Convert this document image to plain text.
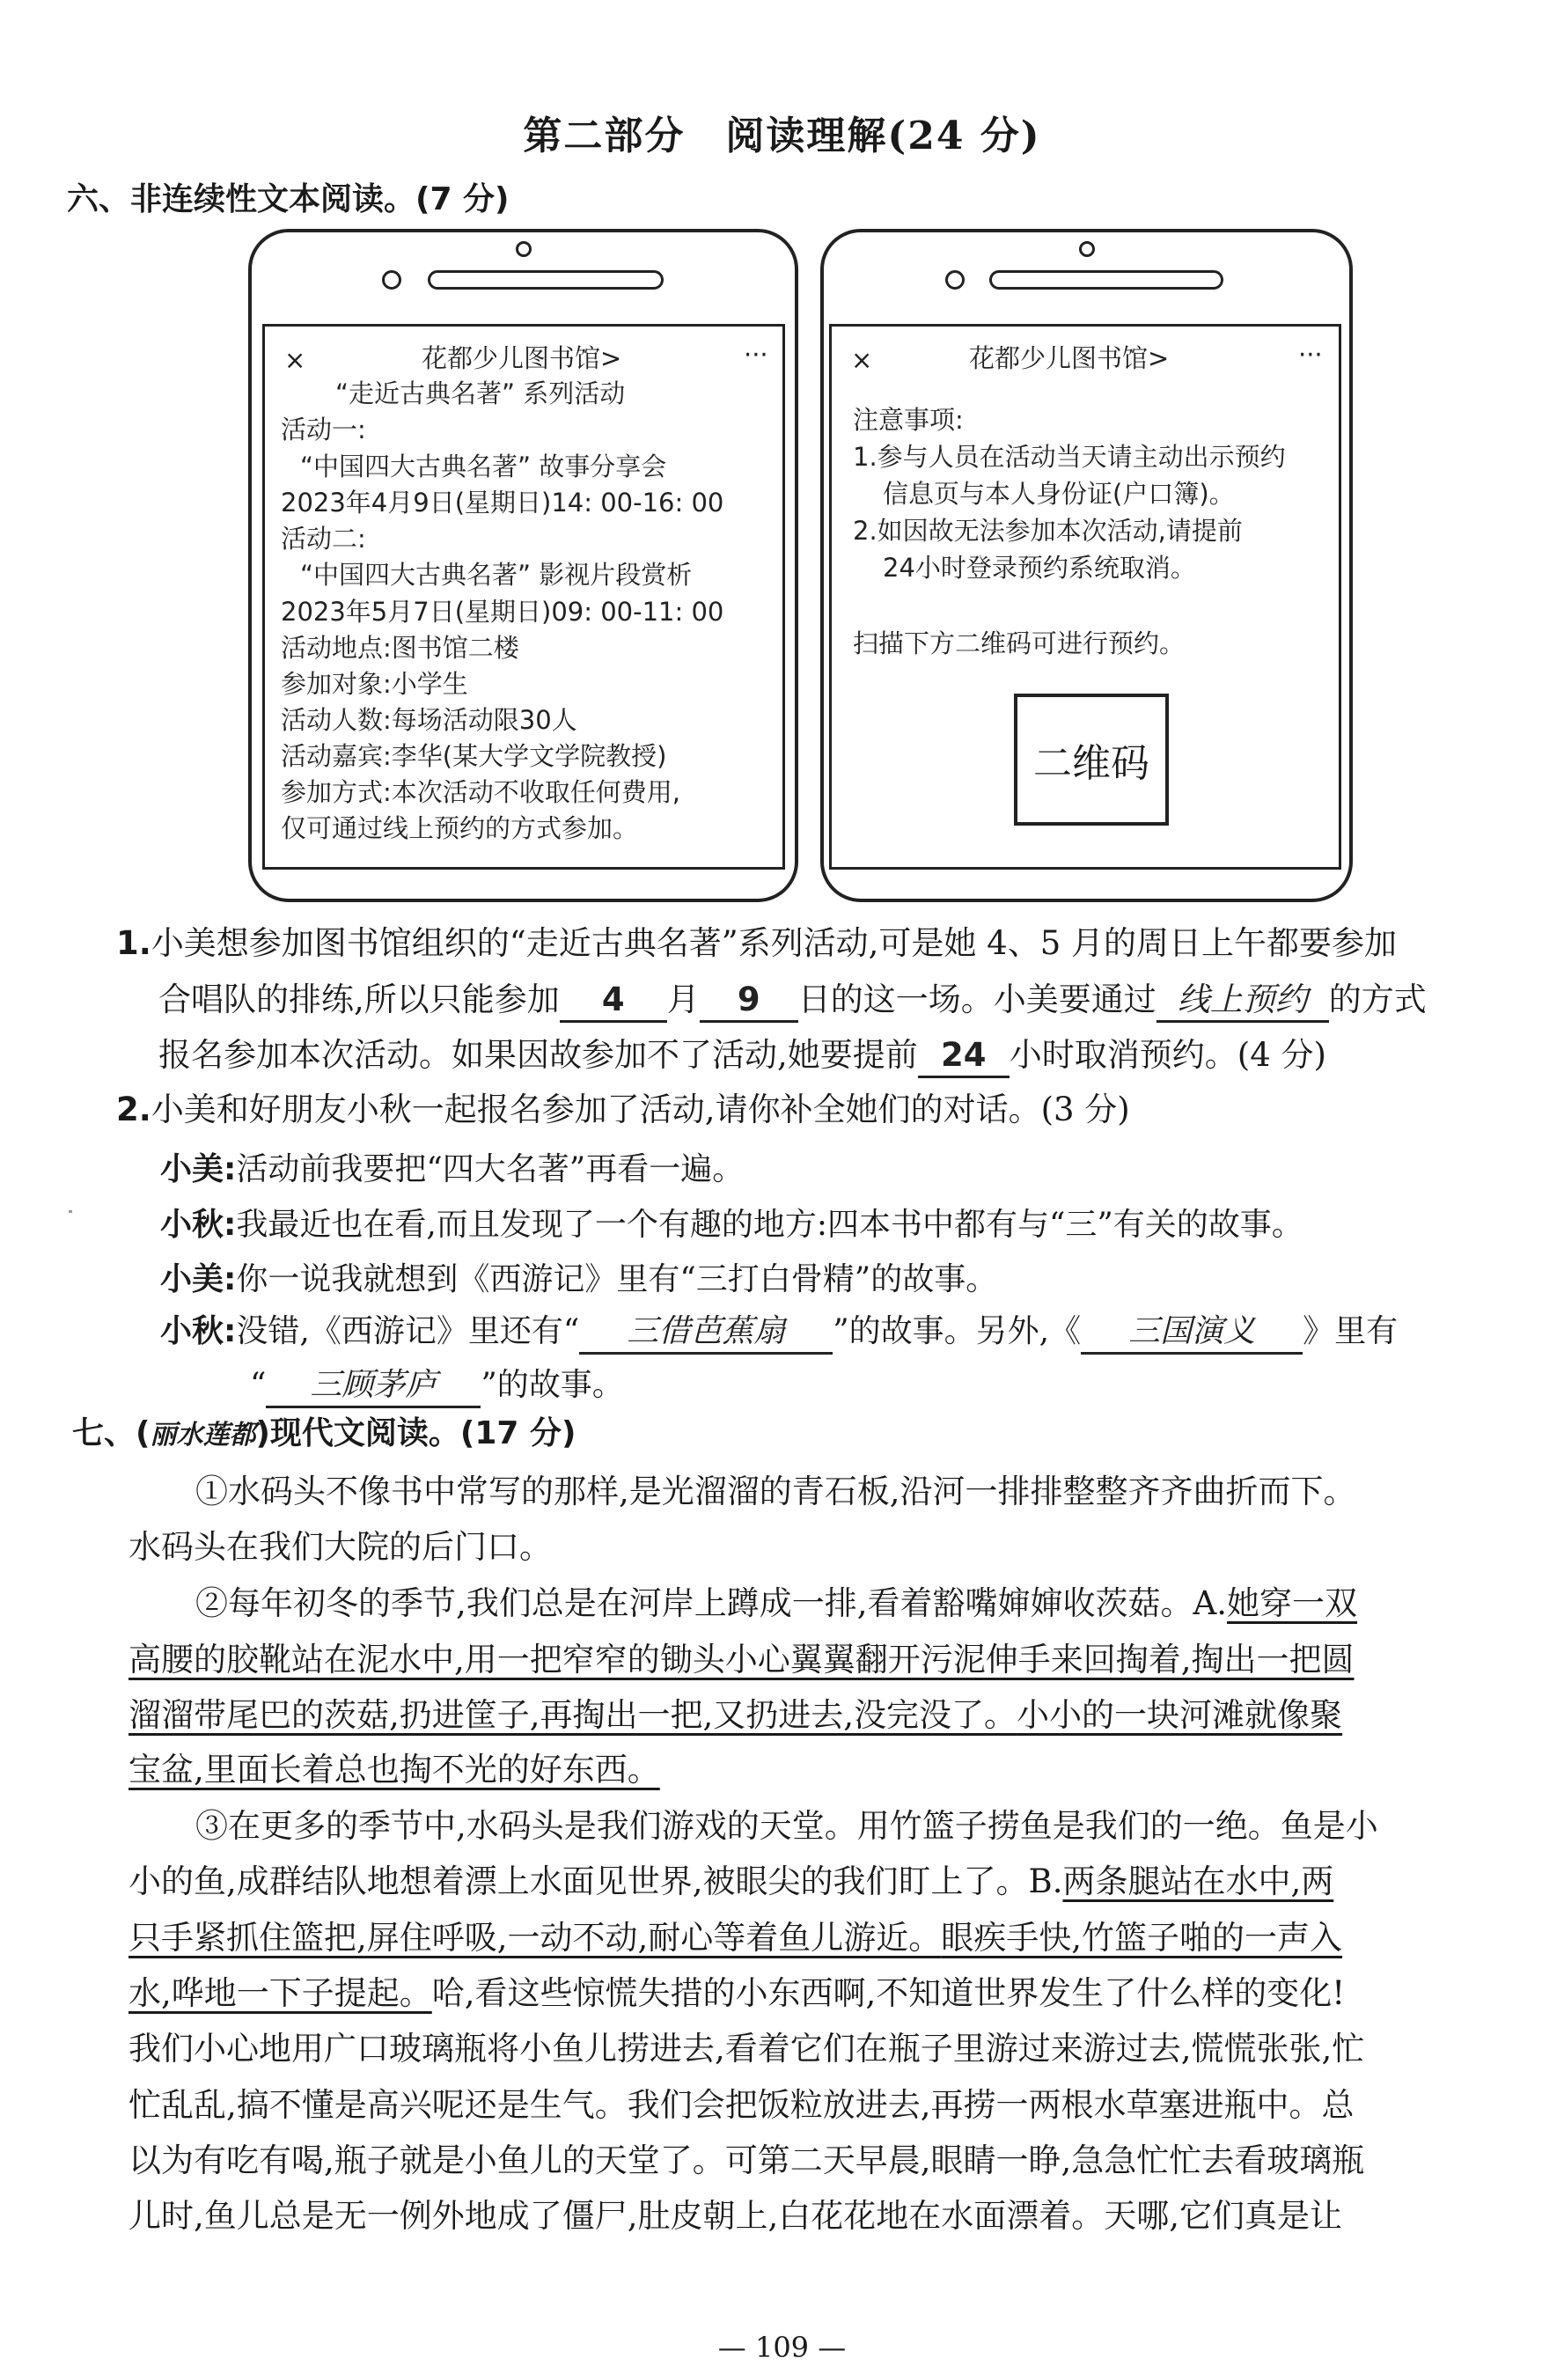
第二部分　阅读理解(24 分)
六、非连续性文本阅读。(7 分)
×	花都少儿图书馆>	···
“走近古典名著” 系列活动
活动一:
“中国四大古典名著” 故事分享会
2023年4月9日(星期日)14: 00-16: 00
活动二:
“中国四大古典名著” 影视片段赏析
2023年5月7日(星期日)09: 00-11: 00
活动地点:图书馆二楼
参加对象:小学生
活动人数:每场活动限30人
活动嘉宾:李华(某大学文学院教授)
参加方式:本次活动不收取任何费用,
仅可通过线上预约的方式参加。
×	花都少儿图书馆>	···
注意事项:
1.参与人员在活动当天请主动出示预约
信息页与本人身份证(户口簿)。
2.如因故无法参加本次活动,请提前
24小时登录预约系统取消。
扫描下方二维码可进行预约。
二维码
1.小美想参加图书馆组织的“走近古典名著”系列活动,可是她 4、5 月的周日上午都要参加
合唱队的排练,所以只能参加 4 月 9 日的这一场。小美要通过 线上预约 的方式
报名参加本次活动。如果因故参加不了活动,她要提前 24 小时取消预约。(4 分)
2.小美和好朋友小秋一起报名参加了活动,请你补全她们的对话。(3 分)
小美:活动前我要把“四大名著”再看一遍。
小秋:我最近也在看,而且发现了一个有趣的地方:四本书中都有与“三”有关的故事。
小美:你一说我就想到《西游记》里有“三打白骨精”的故事。
小秋:没错,《西游记》里还有“ 三借芭蕉扇 ”的故事。另外,《 三国演义 》里有
“ 三顾茅庐 ”的故事。
七、(丽水莲都)现代文阅读。(17 分)
①水码头不像书中常写的那样,是光溜溜的青石板,沿河一排排整整齐齐曲折而下。
水码头在我们大院的后门口。
②每年初冬的季节,我们总是在河岸上蹲成一排,看着豁嘴婶婶收茨菇。A.她穿一双
高腰的胶靴站在泥水中,用一把窄窄的锄头小心翼翼翻开污泥伸手来回掏着,掏出一把圆
溜溜带尾巴的茨菇,扔进筐子,再掏出一把,又扔进去,没完没了。小小的一块河滩就像聚
宝盆,里面长着总也掏不光的好东西。
③在更多的季节中,水码头是我们游戏的天堂。用竹篮子捞鱼是我们的一绝。鱼是小
小的鱼,成群结队地想着漂上水面见世界,被眼尖的我们盯上了。B.两条腿站在水中,两
只手紧抓住篮把,屏住呼吸,一动不动,耐心等着鱼儿游近。眼疾手快,竹篮子啪的一声入
水,哗地一下子提起。哈,看这些惊慌失措的小东西啊,不知道世界发生了什么样的变化!
我们小心地用广口玻璃瓶将小鱼儿捞进去,看着它们在瓶子里游过来游过去,慌慌张张,忙
忙乱乱,搞不懂是高兴呢还是生气。我们会把饭粒放进去,再捞一两根水草塞进瓶中。总
以为有吃有喝,瓶子就是小鱼儿的天堂了。可第二天早晨,眼睛一睁,急急忙忙去看玻璃瓶
儿时,鱼儿总是无一例外地成了僵尸,肚皮朝上,白花花地在水面漂着。天哪,它们真是让
— 109 —
